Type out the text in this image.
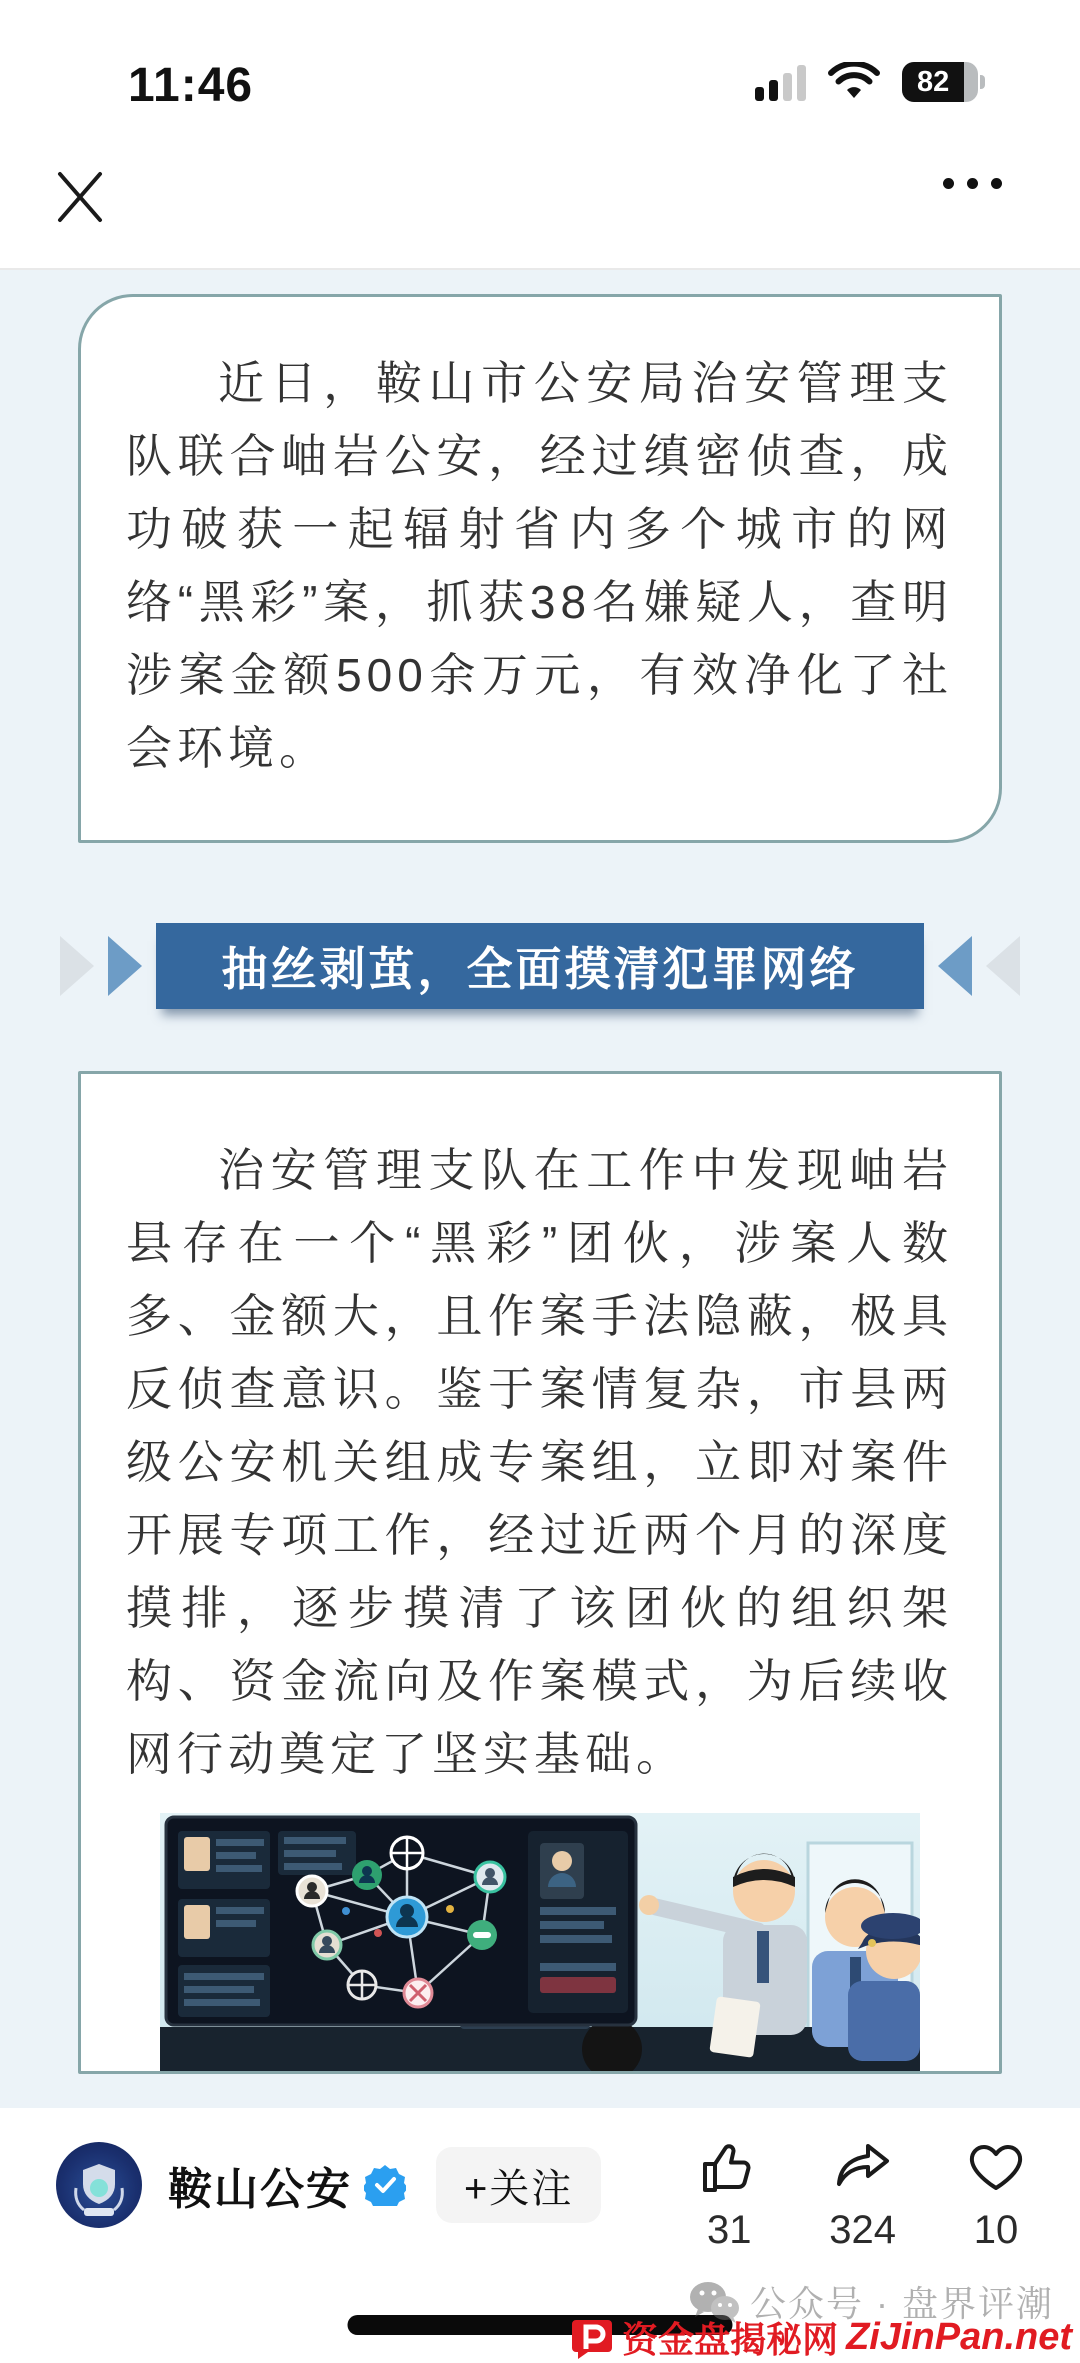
11:46	82

近日，鞍山市公安局治安管理支队联合岫岩公安，经过缜密侦查，成功破获一起辐射省内多个城市的网络“黑彩”案，抓获38名嫌疑人，查明涉案金额500余万元，有效净化了社会环境。

抽丝剥茧，全面摸清犯罪网络

治安管理支队在工作中发现岫岩县存在一个“黑彩”团伙，涉案人数多、金额大，且作案手法隐蔽，极具反侦查意识。鉴于案情复杂，市县两级公安机关组成专案组，立即对案件开展专项工作，经过近两个月的深度摸排，逐步摸清了该团伙的组织架构、资金流向及作案模式，为后续收网行动奠定了坚实基础。

鞍山公安	+关注
31 324 10
公众号 · 盘界评潮
资金盘揭秘网 ZiJinPan.net
